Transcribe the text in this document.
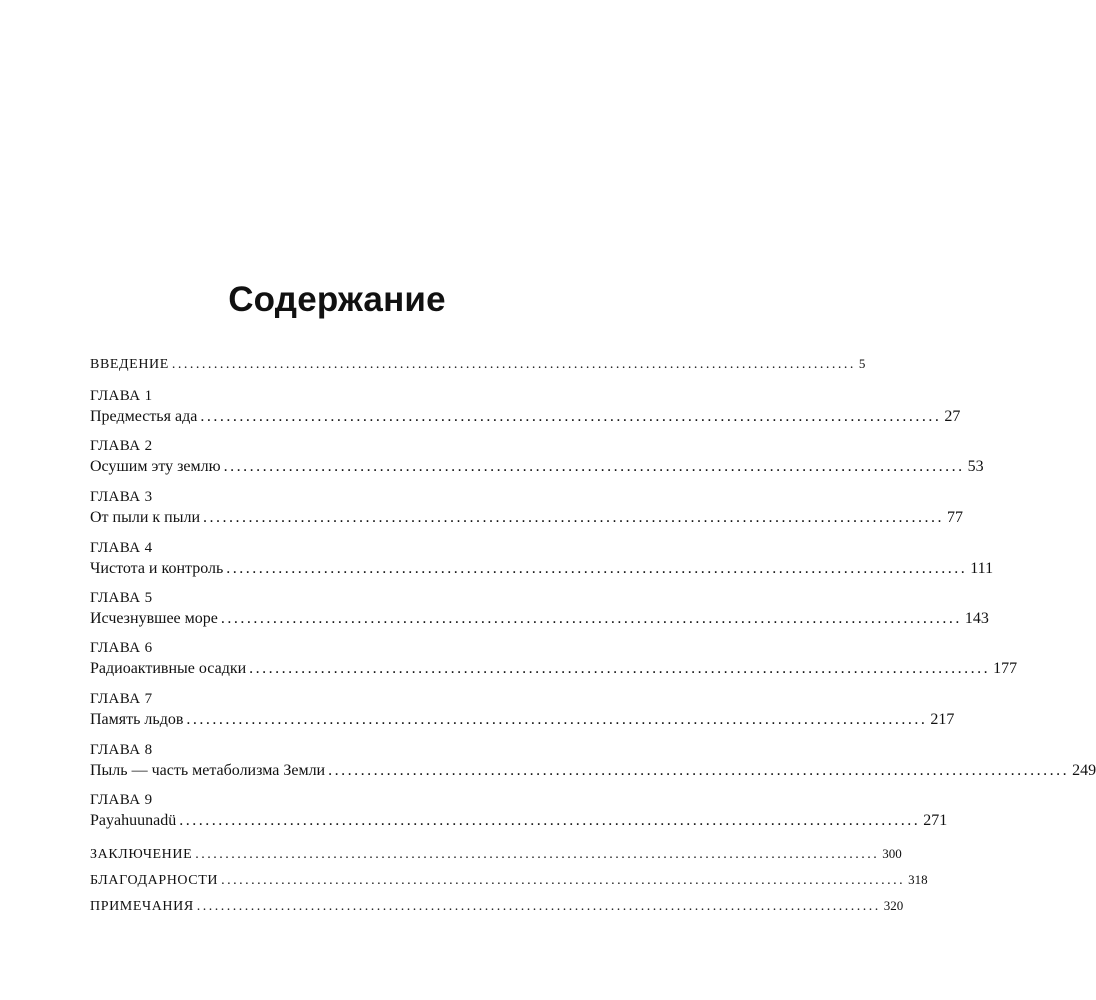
Содержание
ВВЕДЕНИЕ .................................................................................................................. 5
ГЛАВА 1
Предместья ада .................................................................................................................. 27
ГЛАВА 2
Осушим эту землю .................................................................................................................. 53
ГЛАВА 3
От пыли к пыли .................................................................................................................. 77
ГЛАВА 4
Чистота и контроль .................................................................................................................. 111
ГЛАВА 5
Исчезнувшее море .................................................................................................................. 143
ГЛАВА 6
Радиоактивные осадки .................................................................................................................. 177
ГЛАВА 7
Память льдов .................................................................................................................. 217
ГЛАВА 8
Пыль — часть метаболизма Земли .................................................................................................................. 249
ГЛАВА 9
Payahuunadü .................................................................................................................. 271
ЗАКЛЮЧЕНИЕ .................................................................................................................. 300
БЛАГОДАРНОСТИ .................................................................................................................. 318
ПРИМЕЧАНИЯ .................................................................................................................. 320
